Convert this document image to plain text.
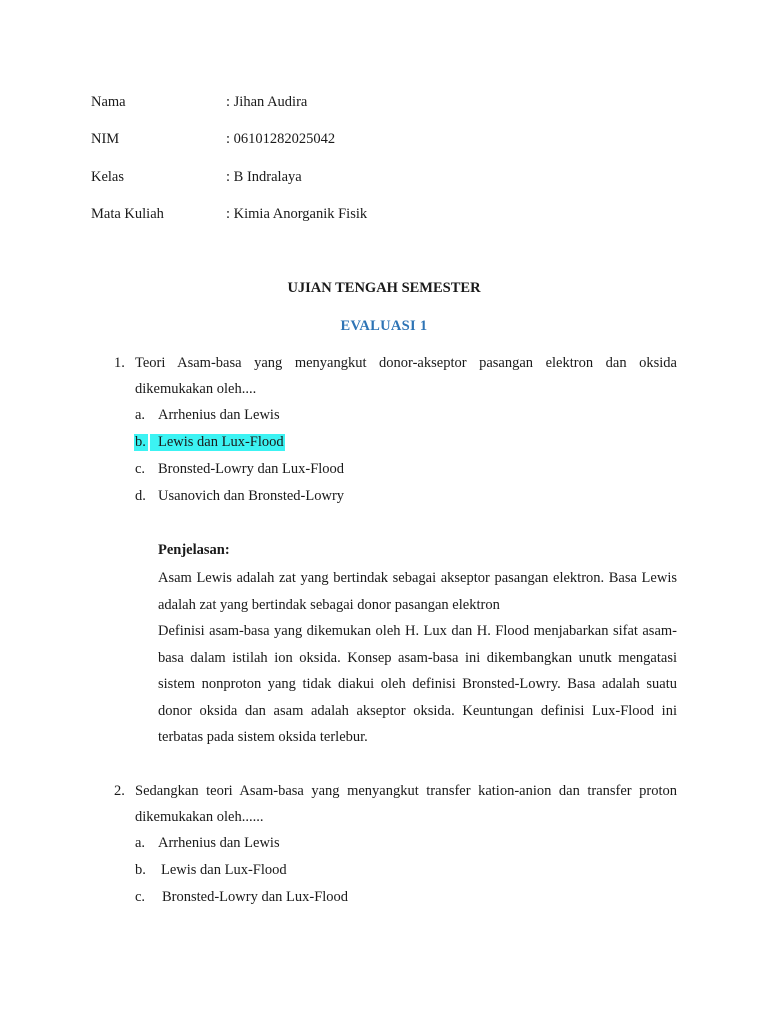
Nama	: Jihan Audira
NIM	: 06101282025042
Kelas	: B Indralaya
Mata Kuliah	: Kimia Anorganik Fisik
UJIAN TENGAH SEMESTER
EVALUASI 1
1. Teori Asam-basa yang menyangkut donor-akseptor pasangan elektron dan oksida dikemukakan oleh....
a. Arrhenius dan Lewis
b. Lewis dan Lux-Flood
c. Bronsted-Lowry dan Lux-Flood
d. Usanovich dan Bronsted-Lowry
Penjelasan:
Asam Lewis adalah zat yang bertindak sebagai akseptor pasangan elektron. Basa Lewis adalah zat yang bertindak sebagai donor pasangan elektron
Definisi asam-basa yang dikemukan oleh H. Lux dan H. Flood menjabarkan sifat asam-basa dalam istilah ion oksida. Konsep asam-basa ini dikembangkan unutk mengatasi sistem nonproton yang tidak diakui oleh definisi Bronsted-Lowry. Basa adalah suatu donor oksida dan asam adalah akseptor oksida. Keuntungan definisi Lux-Flood ini terbatas pada sistem oksida terlebur.
2. Sedangkan teori Asam-basa yang menyangkut transfer kation-anion dan transfer proton dikemukakan oleh......
a. Arrhenius dan Lewis
b. Lewis dan Lux-Flood
c. Bronsted-Lowry dan Lux-Flood
